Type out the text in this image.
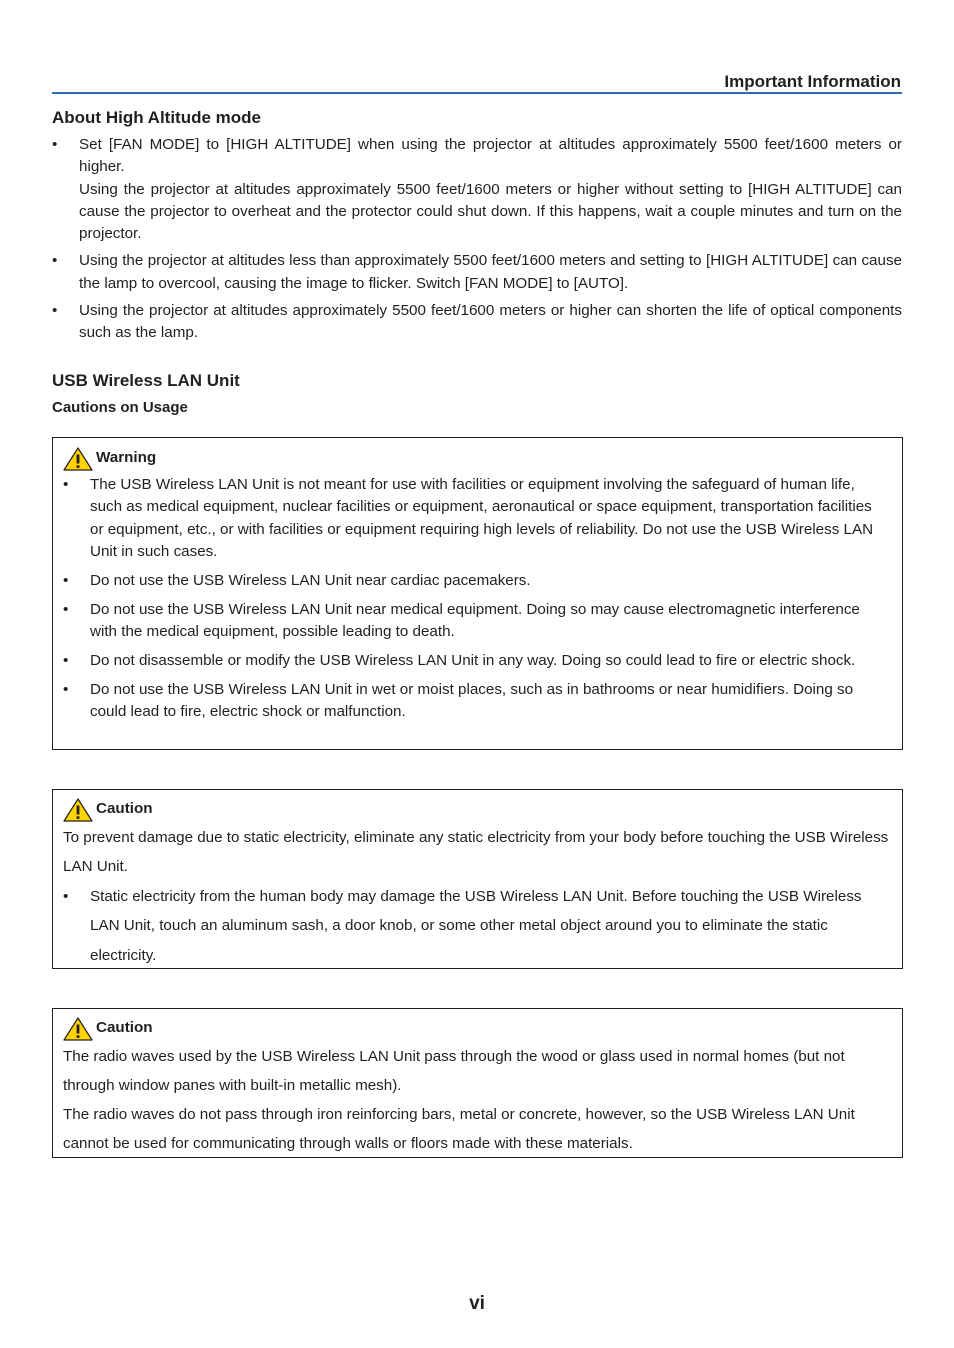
Important Information
About High Altitude mode
• Set [FAN MODE] to [HIGH ALTITUDE] when using the projector at altitudes approximately 5500 feet/1600 meters or higher.
Using the projector at altitudes approximately 5500 feet/1600 meters or higher without setting to [HIGH ALTITUDE] can cause the projector to overheat and the protector could shut down. If this happens, wait a couple minutes and turn on the projector.
• Using the projector at altitudes less than approximately 5500 feet/1600 meters and setting to [HIGH ALTITUDE] can cause the lamp to overcool, causing the image to flicker. Switch [FAN MODE] to [AUTO].
• Using the projector at altitudes approximately 5500 feet/1600 meters or higher can shorten the life of optical components such as the lamp.
USB Wireless LAN Unit
Cautions on Usage
Warning
• The USB Wireless LAN Unit is not meant for use with facilities or equipment involving the safeguard of human life, such as medical equipment, nuclear facilities or equipment, aeronautical or space equipment, transportation facilities or equipment, etc., or with facilities or equipment requiring high levels of reliability. Do not use the USB Wireless LAN Unit in such cases.
• Do not use the USB Wireless LAN Unit near cardiac pacemakers.
• Do not use the USB Wireless LAN Unit near medical equipment. Doing so may cause electromagnetic interference with the medical equipment, possible leading to death.
• Do not disassemble or modify the USB Wireless LAN Unit in any way. Doing so could lead to fire or electric shock.
• Do not use the USB Wireless LAN Unit in wet or moist places, such as in bathrooms or near humidifiers. Doing so could lead to fire, electric shock or malfunction.
Caution
To prevent damage due to static electricity, eliminate any static electricity from your body before touching the USB Wireless LAN Unit.
• Static electricity from the human body may damage the USB Wireless LAN Unit. Before touching the USB Wireless LAN Unit, touch an aluminum sash, a door knob, or some other metal object around you to eliminate the static electricity.
Caution
The radio waves used by the USB Wireless LAN Unit pass through the wood or glass used in normal homes (but not through window panes with built-in metallic mesh).
The radio waves do not pass through iron reinforcing bars, metal or concrete, however, so the USB Wireless LAN Unit cannot be used for communicating through walls or floors made with these materials.
vi
